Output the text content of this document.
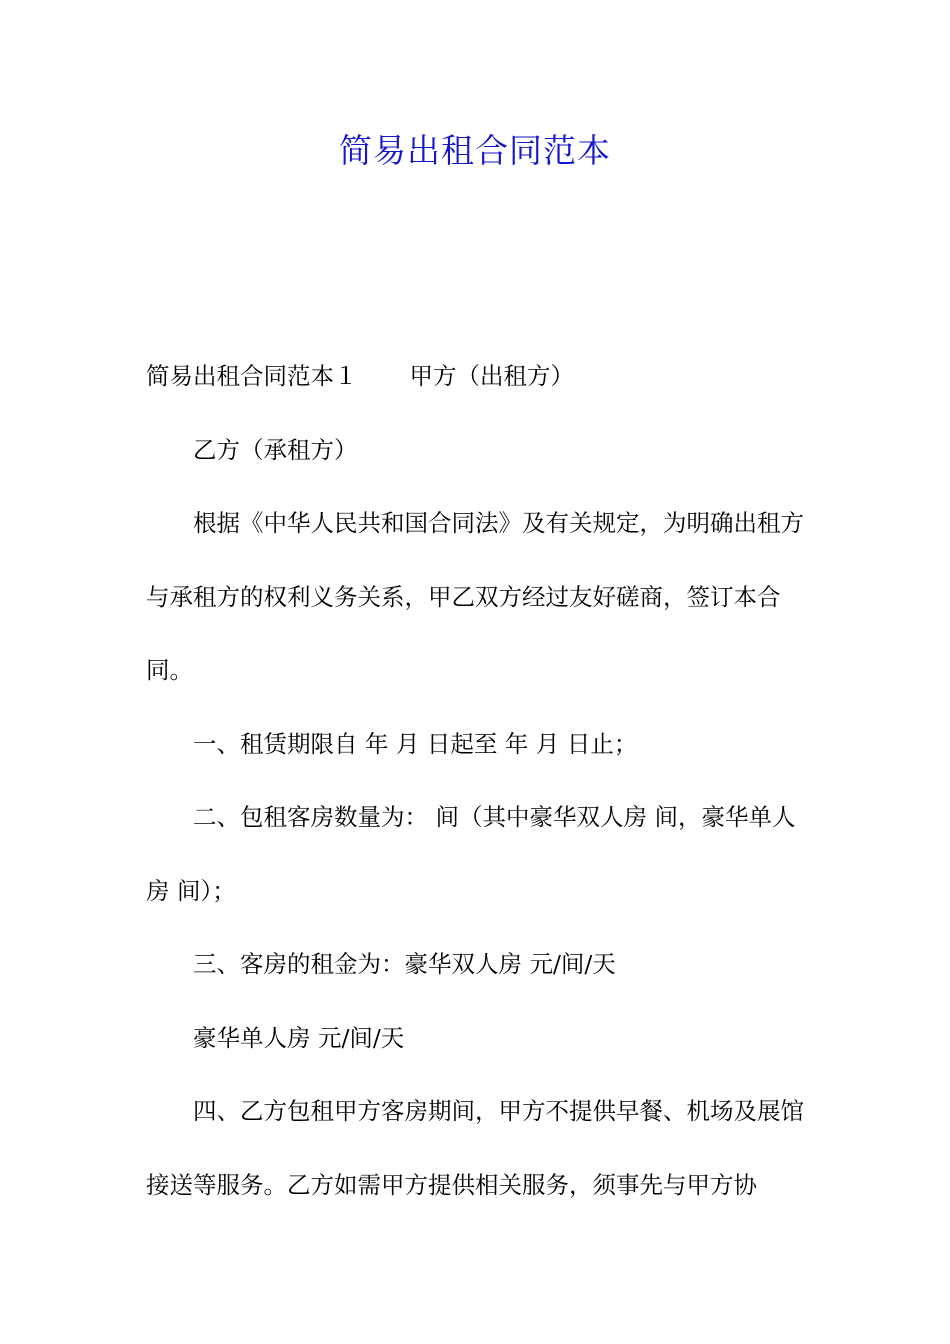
简易出租合同范本

简易出租合同范本１ 甲方（出租方）

乙方（承租方）

根据《中华人民共和国合同法》及有关规定，为明确出租方与承租方的权利义务关系，甲乙双方经过友好磋商，签订本合同。

一、租赁期限自 年 月 日起至 年 月 日止；

二、包租客房数量为： 间（其中豪华双人房 间，豪华单人房 间）；

三、客房的租金为：豪华双人房 元/间/天

豪华单人房 元/间/天

四、乙方包租甲方客房期间，甲方不提供早餐、机场及展馆接送等服务。乙方如需甲方提供相关服务，须事先与甲方协
